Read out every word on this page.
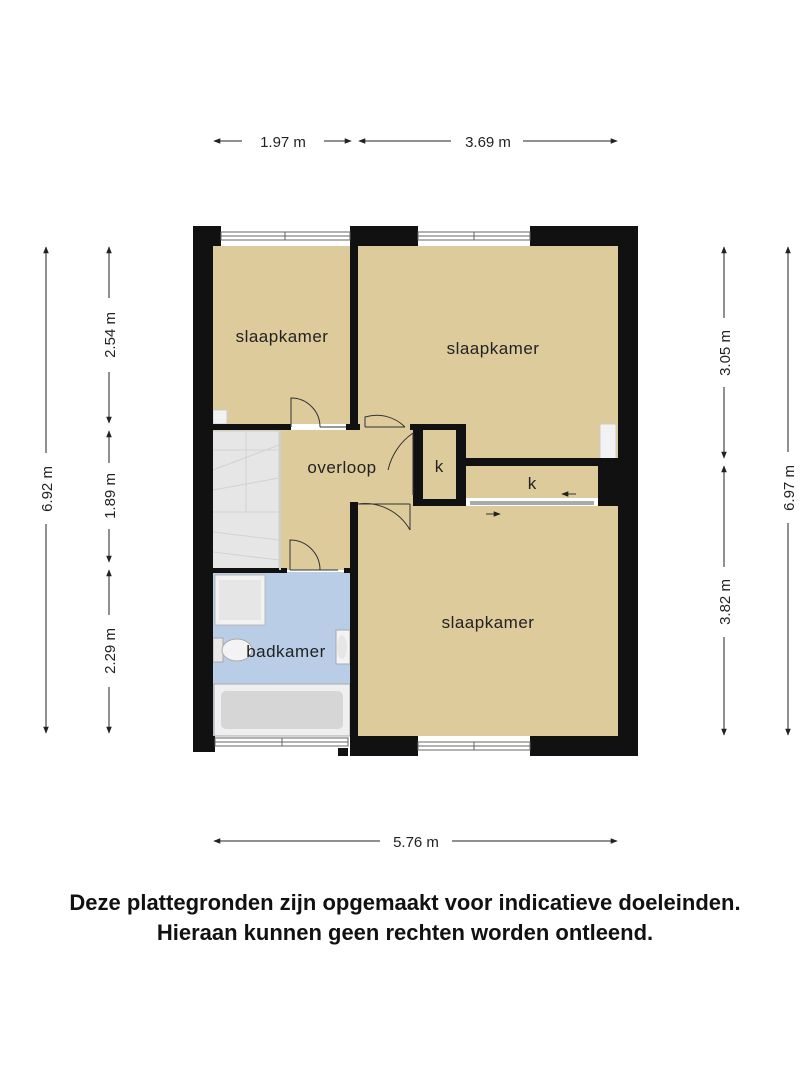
slaapkamer
slaapkamer
overloop	k
k
slaapkamer
badkamer
1.97 m	3.69 m
5.76 m
6.92 m
2.54 m
1.89 m
2.29 m
3.05 m
3.82 m
6.97 m
Deze plattegronden zijn opgemaakt voor indicatieve doeleinden.
Hieraan kunnen geen rechten worden ontleend.
